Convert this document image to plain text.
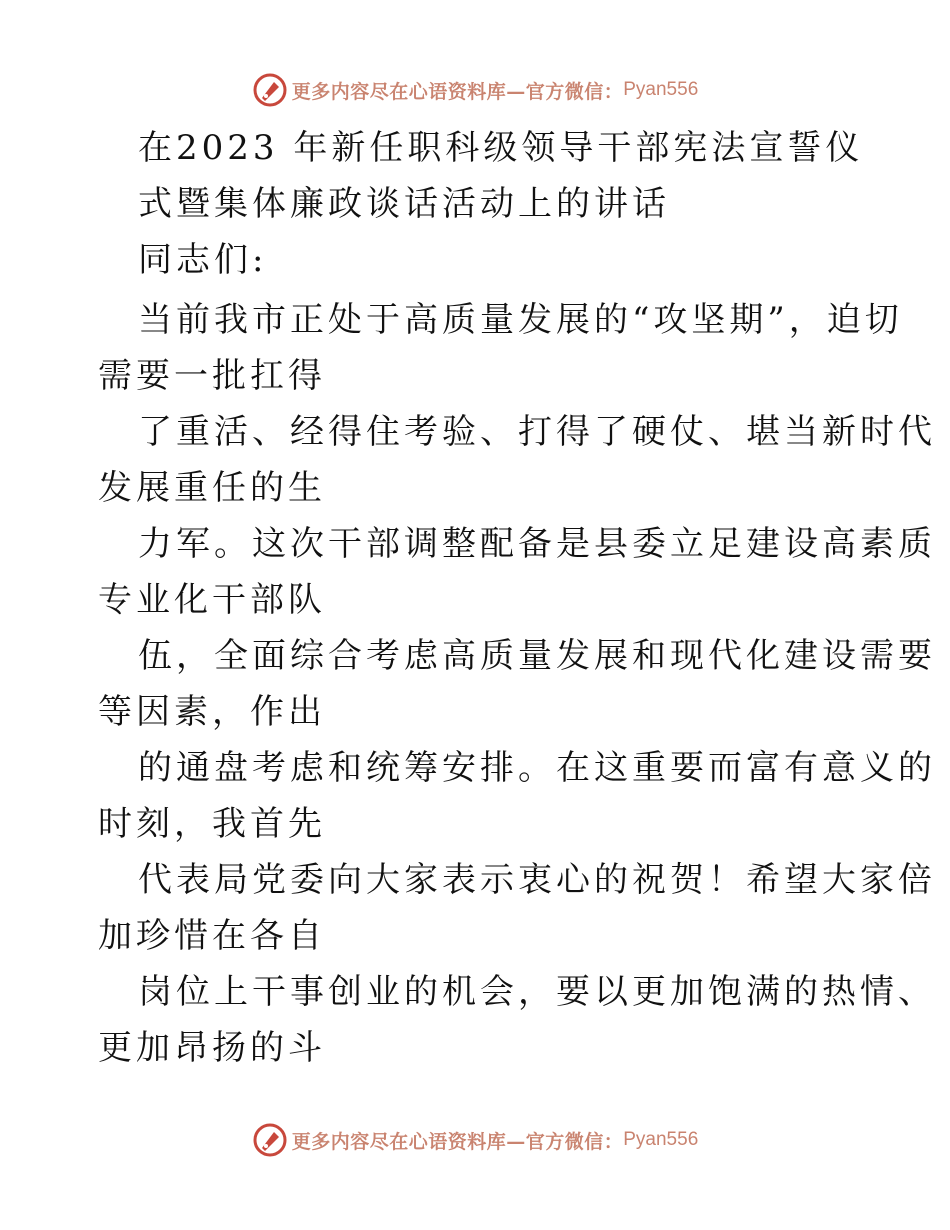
更多内容尽在心语资料库—官方微信： Pyan556
在2023 年新任职科级领导干部宪法宣誓仪
式暨集体廉政谈话活动上的讲话
同志们:
当前我市正处于高质量发展的“攻坚期”，迫切
需要一批扛得
了重活、经得住考验、打得了硬仗、堪当新时代
发展重任的生
力军。这次干部调整配备是县委立足建设高素质
专业化干部队
伍，全面综合考虑高质量发展和现代化建设需要
等因素，作出
的通盘考虑和统筹安排。在这重要而富有意义的
时刻，我首先
代表局党委向大家表示衷心的祝贺！希望大家倍
加珍惜在各自
岗位上干事创业的机会，要以更加饱满的热情、
更加昂扬的斗
更多内容尽在心语资料库—官方微信： Pyan556
